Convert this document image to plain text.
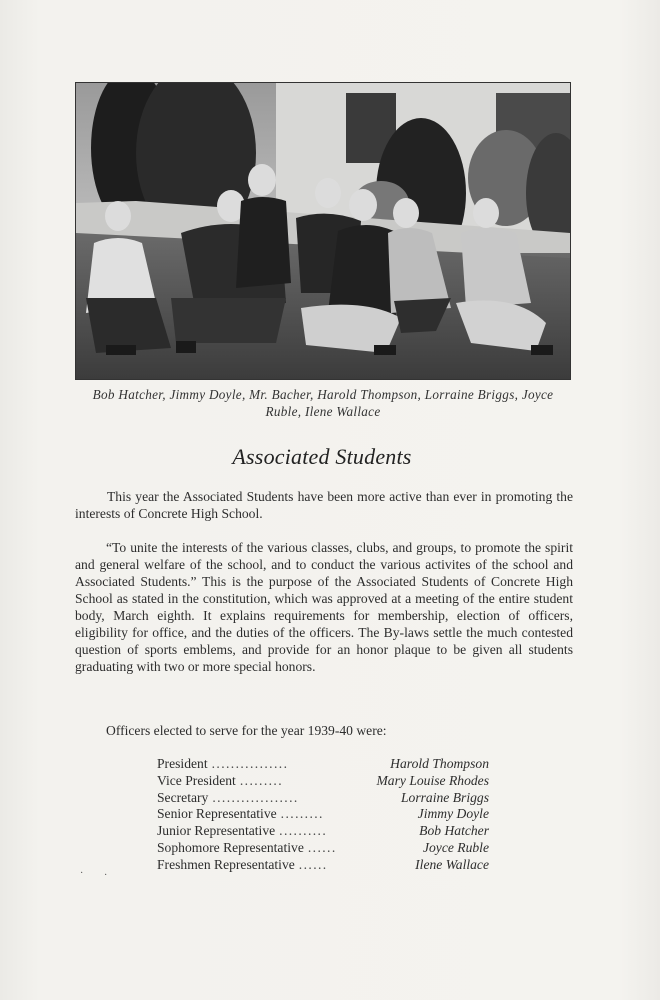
Bob Hatcher, Jimmy Doyle, Mr. Bacher, Harold Thompson, Lorraine Briggs, Joyce Ruble, Ilene Wallace
Associated Students
This year the Associated Students have been more active than ever in promoting the interests of Concrete High School.
“To unite the interests of the various classes, clubs, and groups, to promote the spirit and general welfare of the school, and to conduct the various activites of the school and Associated Students.” This is the purpose of the Associated Students of Concrete High School as stated in the constitution, which was approved at a meeting of the entire student body, March eighth. It explains requirements for membership, election of officers, eligibility for office, and the duties of the officers. The By-laws settle the much contested question of sports emblems, and provide for an honor plaque to be given all students graduating with two or more special honors.
Officers elected to serve for the year 1939-40 were:
President ................	Harold Thompson
Vice President .........	Mary Louise Rhodes
Secretary ..................	Lorraine Briggs
Senior Representative .........	Jimmy Doyle
Junior Representative ..........	Bob Hatcher
Sophomore Representative ......	Joyce Ruble
Freshmen Representative ......	Ilene Wallace
· ·
